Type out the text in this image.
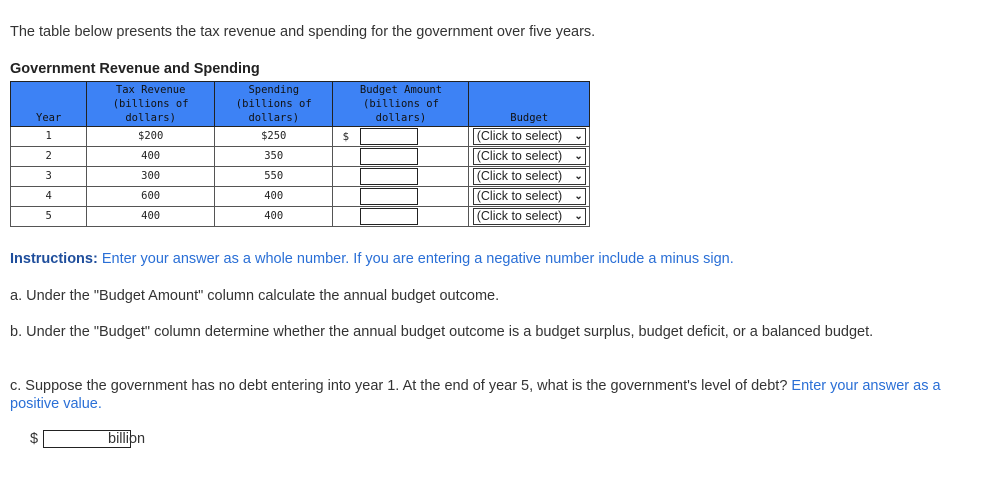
The table below presents the tax revenue and spending for the government over five years.
Government Revenue and Spending
Year	Tax Revenue
(billions of
dollars)	Spending
(billions of
dollars)	Budget Amount
(billions of
dollars)	Budget
1	$200	$250	$	(Click to select) ⌄

2	400	350		(Click to select) ⌄

3	300	550		(Click to select) ⌄

4	600	400		(Click to select) ⌄

5	400	400		(Click to select) ⌄
Instructions: Enter your answer as a whole number. If you are entering a negative number include a minus sign.
a. Under the "Budget Amount" column calculate the annual budget outcome.
b. Under the "Budget" column determine whether the annual budget outcome is a budget surplus, budget deficit, or a balanced budget.
c. Suppose the government has no debt entering into year 1. At the end of year 5, what is the government's level of debt? Enter your answer as a positive value.
$	billion
